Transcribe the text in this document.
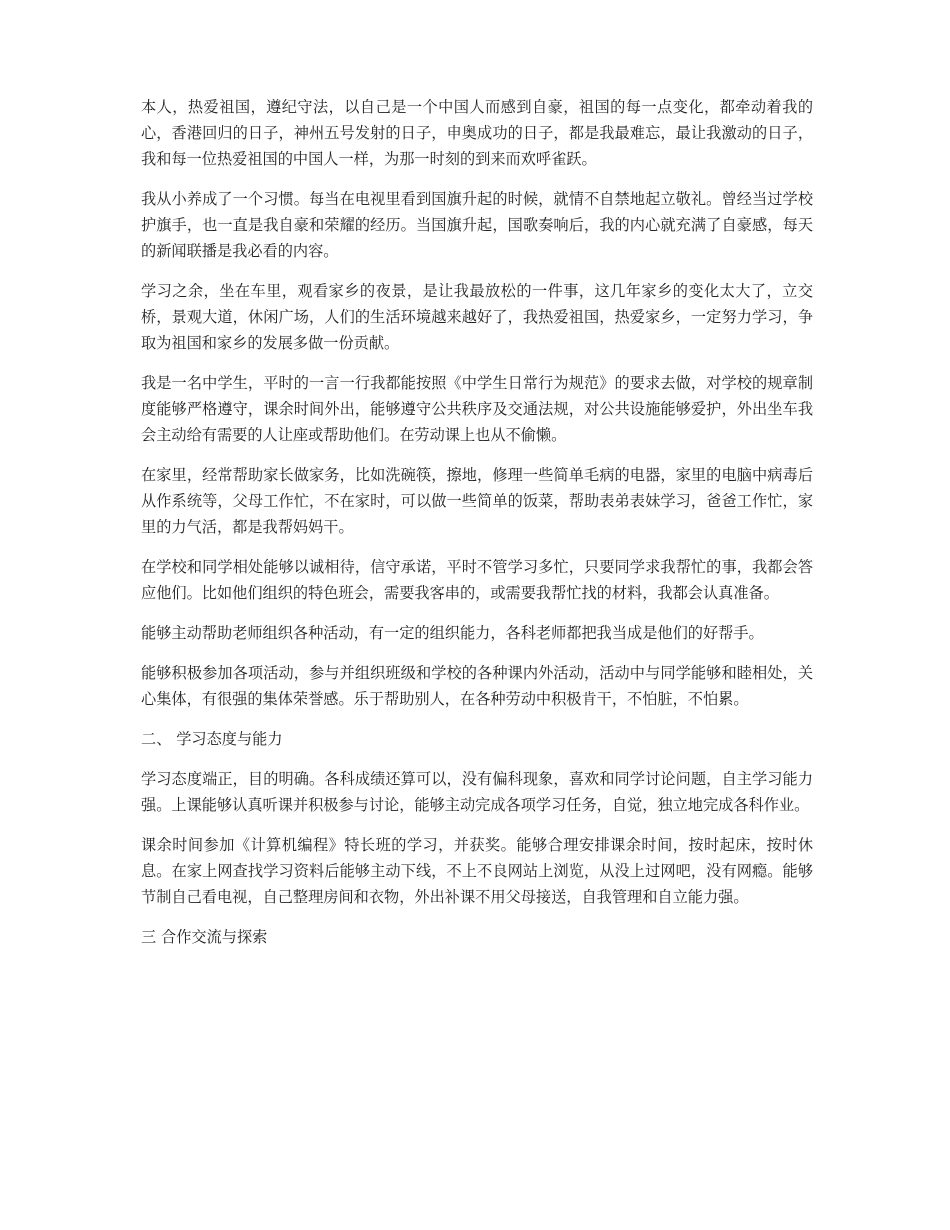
本人，热爱祖国，遵纪守法，以自己是一个中国人而感到自豪，祖国的每一点变化，都牵动着我的心，香港回归的日子，神州五号发射的日子，申奥成功的日子，都是我最难忘，最让我激动的日子，我和每一位热爱祖国的中国人一样，为那一时刻的到来而欢呼雀跃。

我从小养成了一个习惯。每当在电视里看到国旗升起的时候，就情不自禁地起立敬礼。曾经当过学校护旗手，也一直是我自豪和荣耀的经历。当国旗升起，国歌奏响后，我的内心就充满了自豪感，每天的新闻联播是我必看的内容。

学习之余，坐在车里，观看家乡的夜景，是让我最放松的一件事，这几年家乡的变化太大了，立交桥，景观大道，休闲广场，人们的生活环境越来越好了，我热爱祖国，热爱家乡，一定努力学习，争取为祖国和家乡的发展多做一份贡献。

我是一名中学生，平时的一言一行我都能按照《中学生日常行为规范》的要求去做，对学校的规章制度能够严格遵守，课余时间外出，能够遵守公共秩序及交通法规，对公共设施能够爱护，外出坐车我会主动给有需要的人让座或帮助他们。在劳动课上也从不偷懒。

在家里，经常帮助家长做家务，比如洗碗筷，擦地，修理一些简单毛病的电器，家里的电脑中病毒后从作系统等，父母工作忙，不在家时，可以做一些简单的饭菜，帮助表弟表妹学习，爸爸工作忙，家里的力气活，都是我帮妈妈干。

在学校和同学相处能够以诚相待，信守承诺，平时不管学习多忙，只要同学求我帮忙的事，我都会答应他们。比如他们组织的特色班会，需要我客串的，或需要我帮忙找的材料，我都会认真准备。

能够主动帮助老师组织各种活动，有一定的组织能力，各科老师都把我当成是他们的好帮手。

能够积极参加各项活动，参与并组织班级和学校的各种课内外活动，活动中与同学能够和睦相处，关心集体，有很强的集体荣誉感。乐于帮助别人，在各种劳动中积极肯干，不怕脏，不怕累。

二、 学习态度与能力

学习态度端正，目的明确。各科成绩还算可以，没有偏科现象，喜欢和同学讨论问题，自主学习能力强。上课能够认真听课并积极参与讨论，能够主动完成各项学习任务，自觉，独立地完成各科作业。

课余时间参加《计算机编程》特长班的学习，并获奖。能够合理安排课余时间，按时起床，按时休息。在家上网查找学习资料后能够主动下线，不上不良网站上浏览，从没上过网吧，没有网瘾。能够节制自己看电视，自己整理房间和衣物，外出补课不用父母接送，自我管理和自立能力强。

三 合作交流与探索
